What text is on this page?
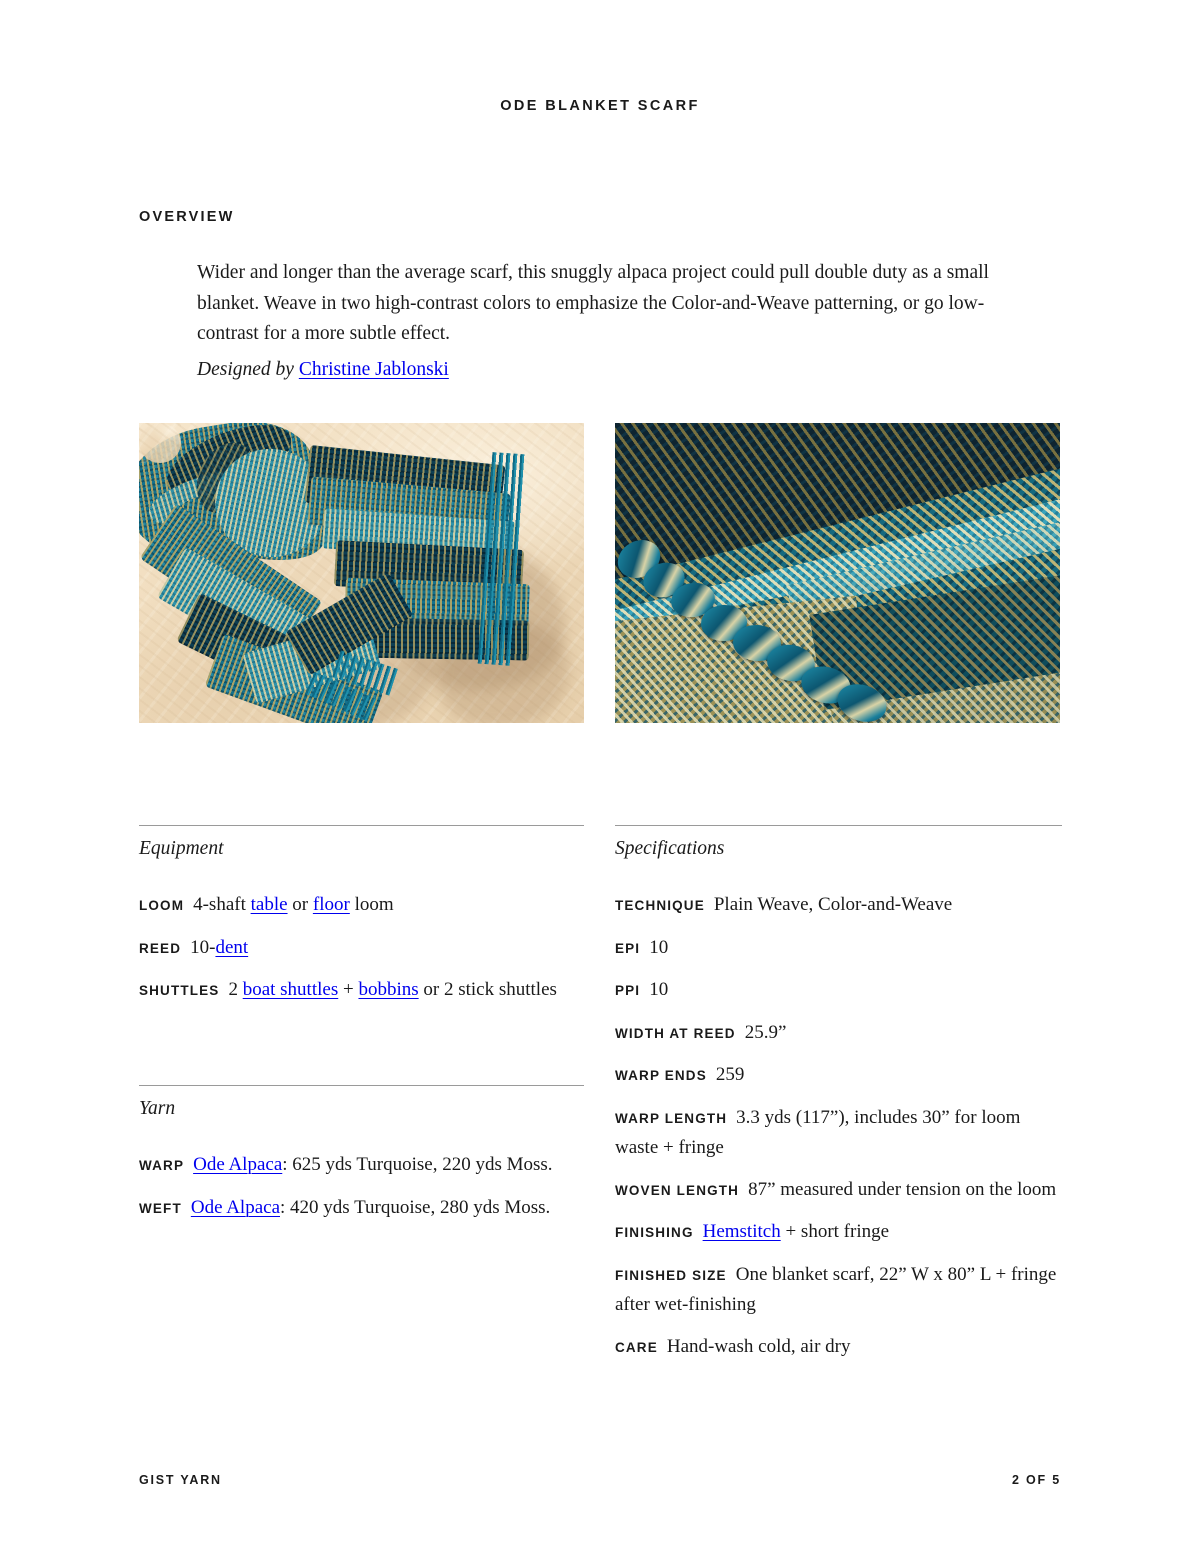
ODE BLANKET SCARF
OVERVIEW

Wider and longer than the average scarf, this snuggly alpaca project could pull double duty as a small blanket. Weave in two high-contrast colors to emphasize the Color-and-Weave patterning, or go low-contrast for a more subtle effect.

Designed by Christine Jablonski
Equipment
Yarn
Specifications
LOOM 4-shaft table or floor loom
REED 10-dent
SHUTTLES 2 boat shuttles + bobbins or 2 stick shuttles
WARP Ode Alpaca: 625 yds Turquoise, 220 yds Moss.
WEFT Ode Alpaca: 420 yds Turquoise, 280 yds Moss.
TECHNIQUE Plain Weave, Color-and-Weave
EPI 10
PPI 10
WIDTH AT REED 25.9”
WARP ENDS 259
WARP LENGTH 3.3 yds (117”), includes 30” for loom waste + fringe
WOVEN LENGTH 87” measured under tension on the loom
FINISHING Hemstitch + short fringe
FINISHED SIZE One blanket scarf, 22” W x 80” L + fringe after wet-finishing
CARE Hand-wash cold, air dry
GIST YARN	2 OF 5
